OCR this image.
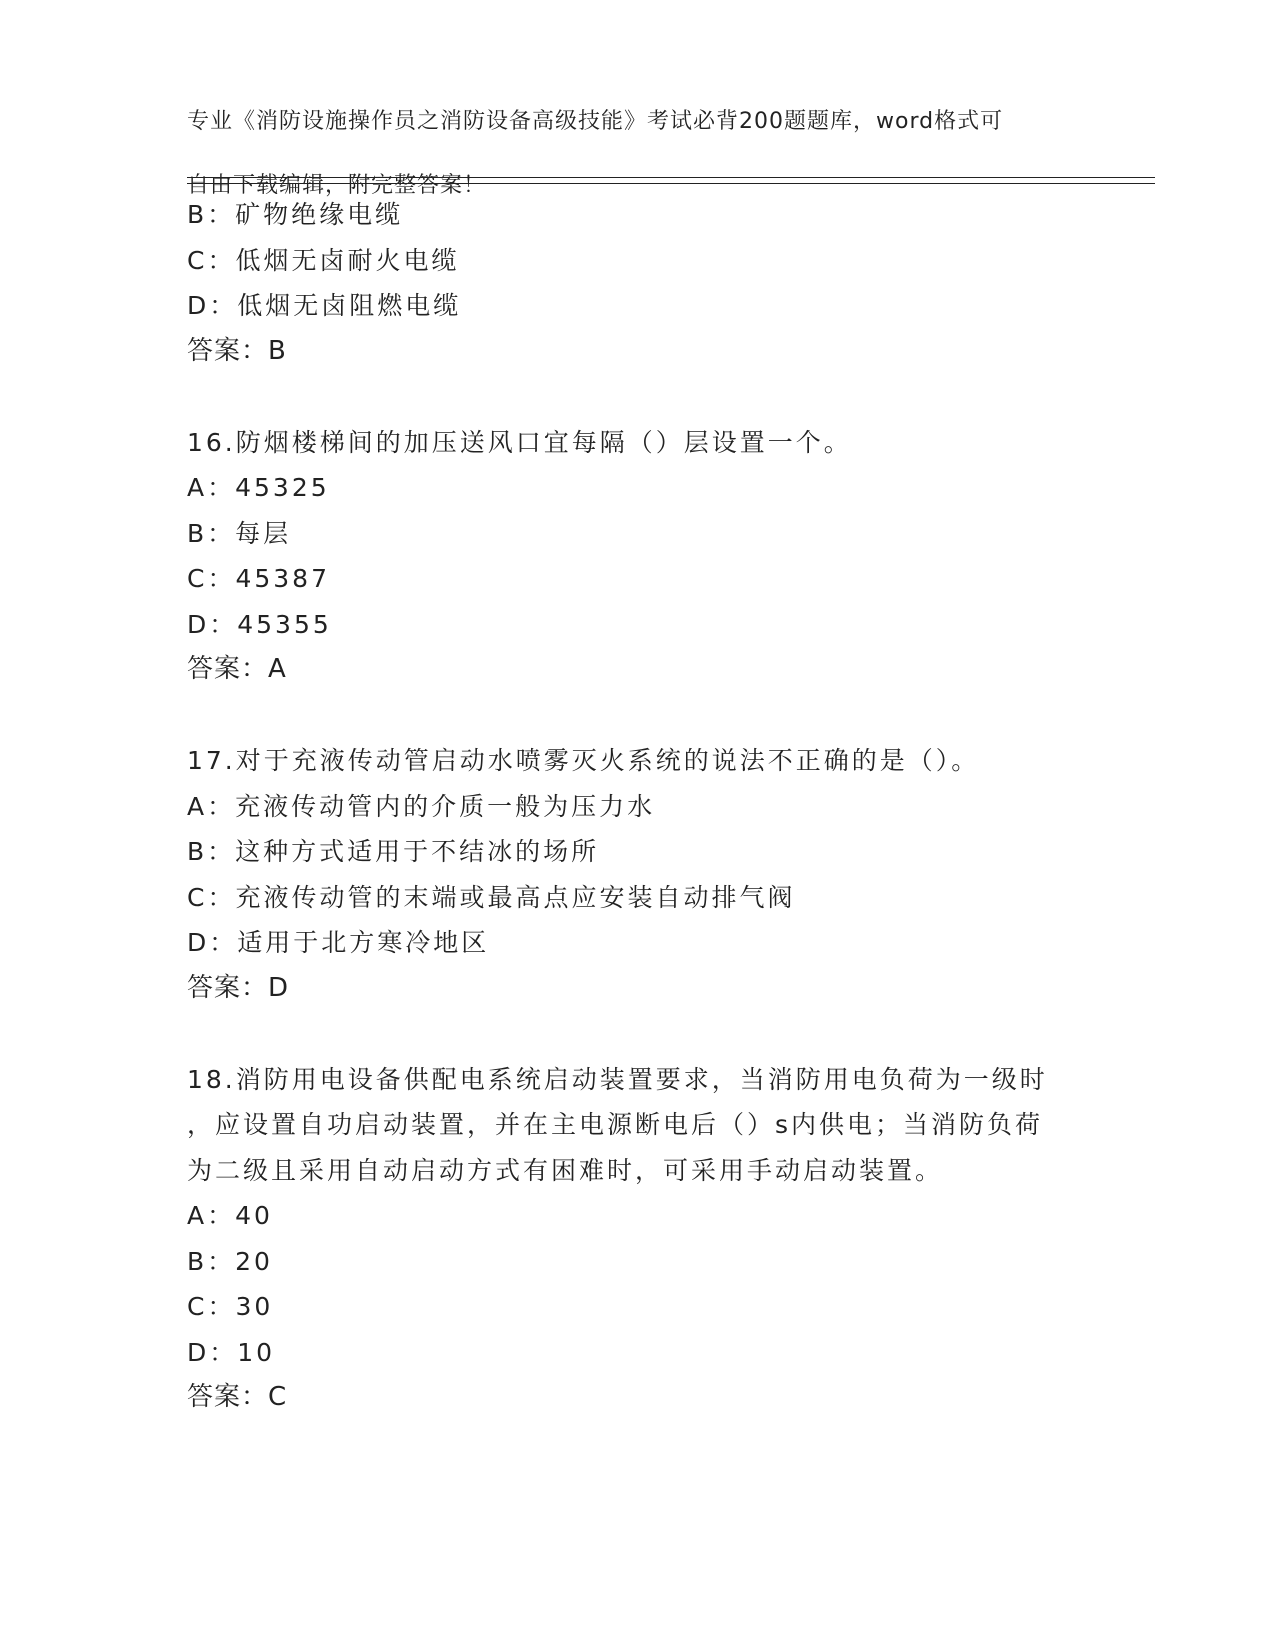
专业《消防设施操作员之消防设备高级技能》考试必背200题题库，word格式可

自由下载编辑，附完整答案！

B：矿物绝缘电缆
C：低烟无卤耐火电缆
D：低烟无卤阻燃电缆
答案：B
16.防烟楼梯间的加压送风口宜每隔（）层设置一个。
A：45325
B：每层
C：45387
D：45355
答案：A
17.对于充液传动管启动水喷雾灭火系统的说法不正确的是（）。
A：充液传动管内的介质一般为压力水
B：这种方式适用于不结冰的场所
C：充液传动管的末端或最高点应安装自动排气阀
D：适用于北方寒冷地区
答案：D
18.消防用电设备供配电系统启动装置要求，当消防用电负荷为一级时
，应设置自功启动装置，并在主电源断电后（）s内供电；当消防负荷
为二级且采用自动启动方式有困难时，可采用手动启动装置。
A：40
B：20
C：30
D：10
答案：C
